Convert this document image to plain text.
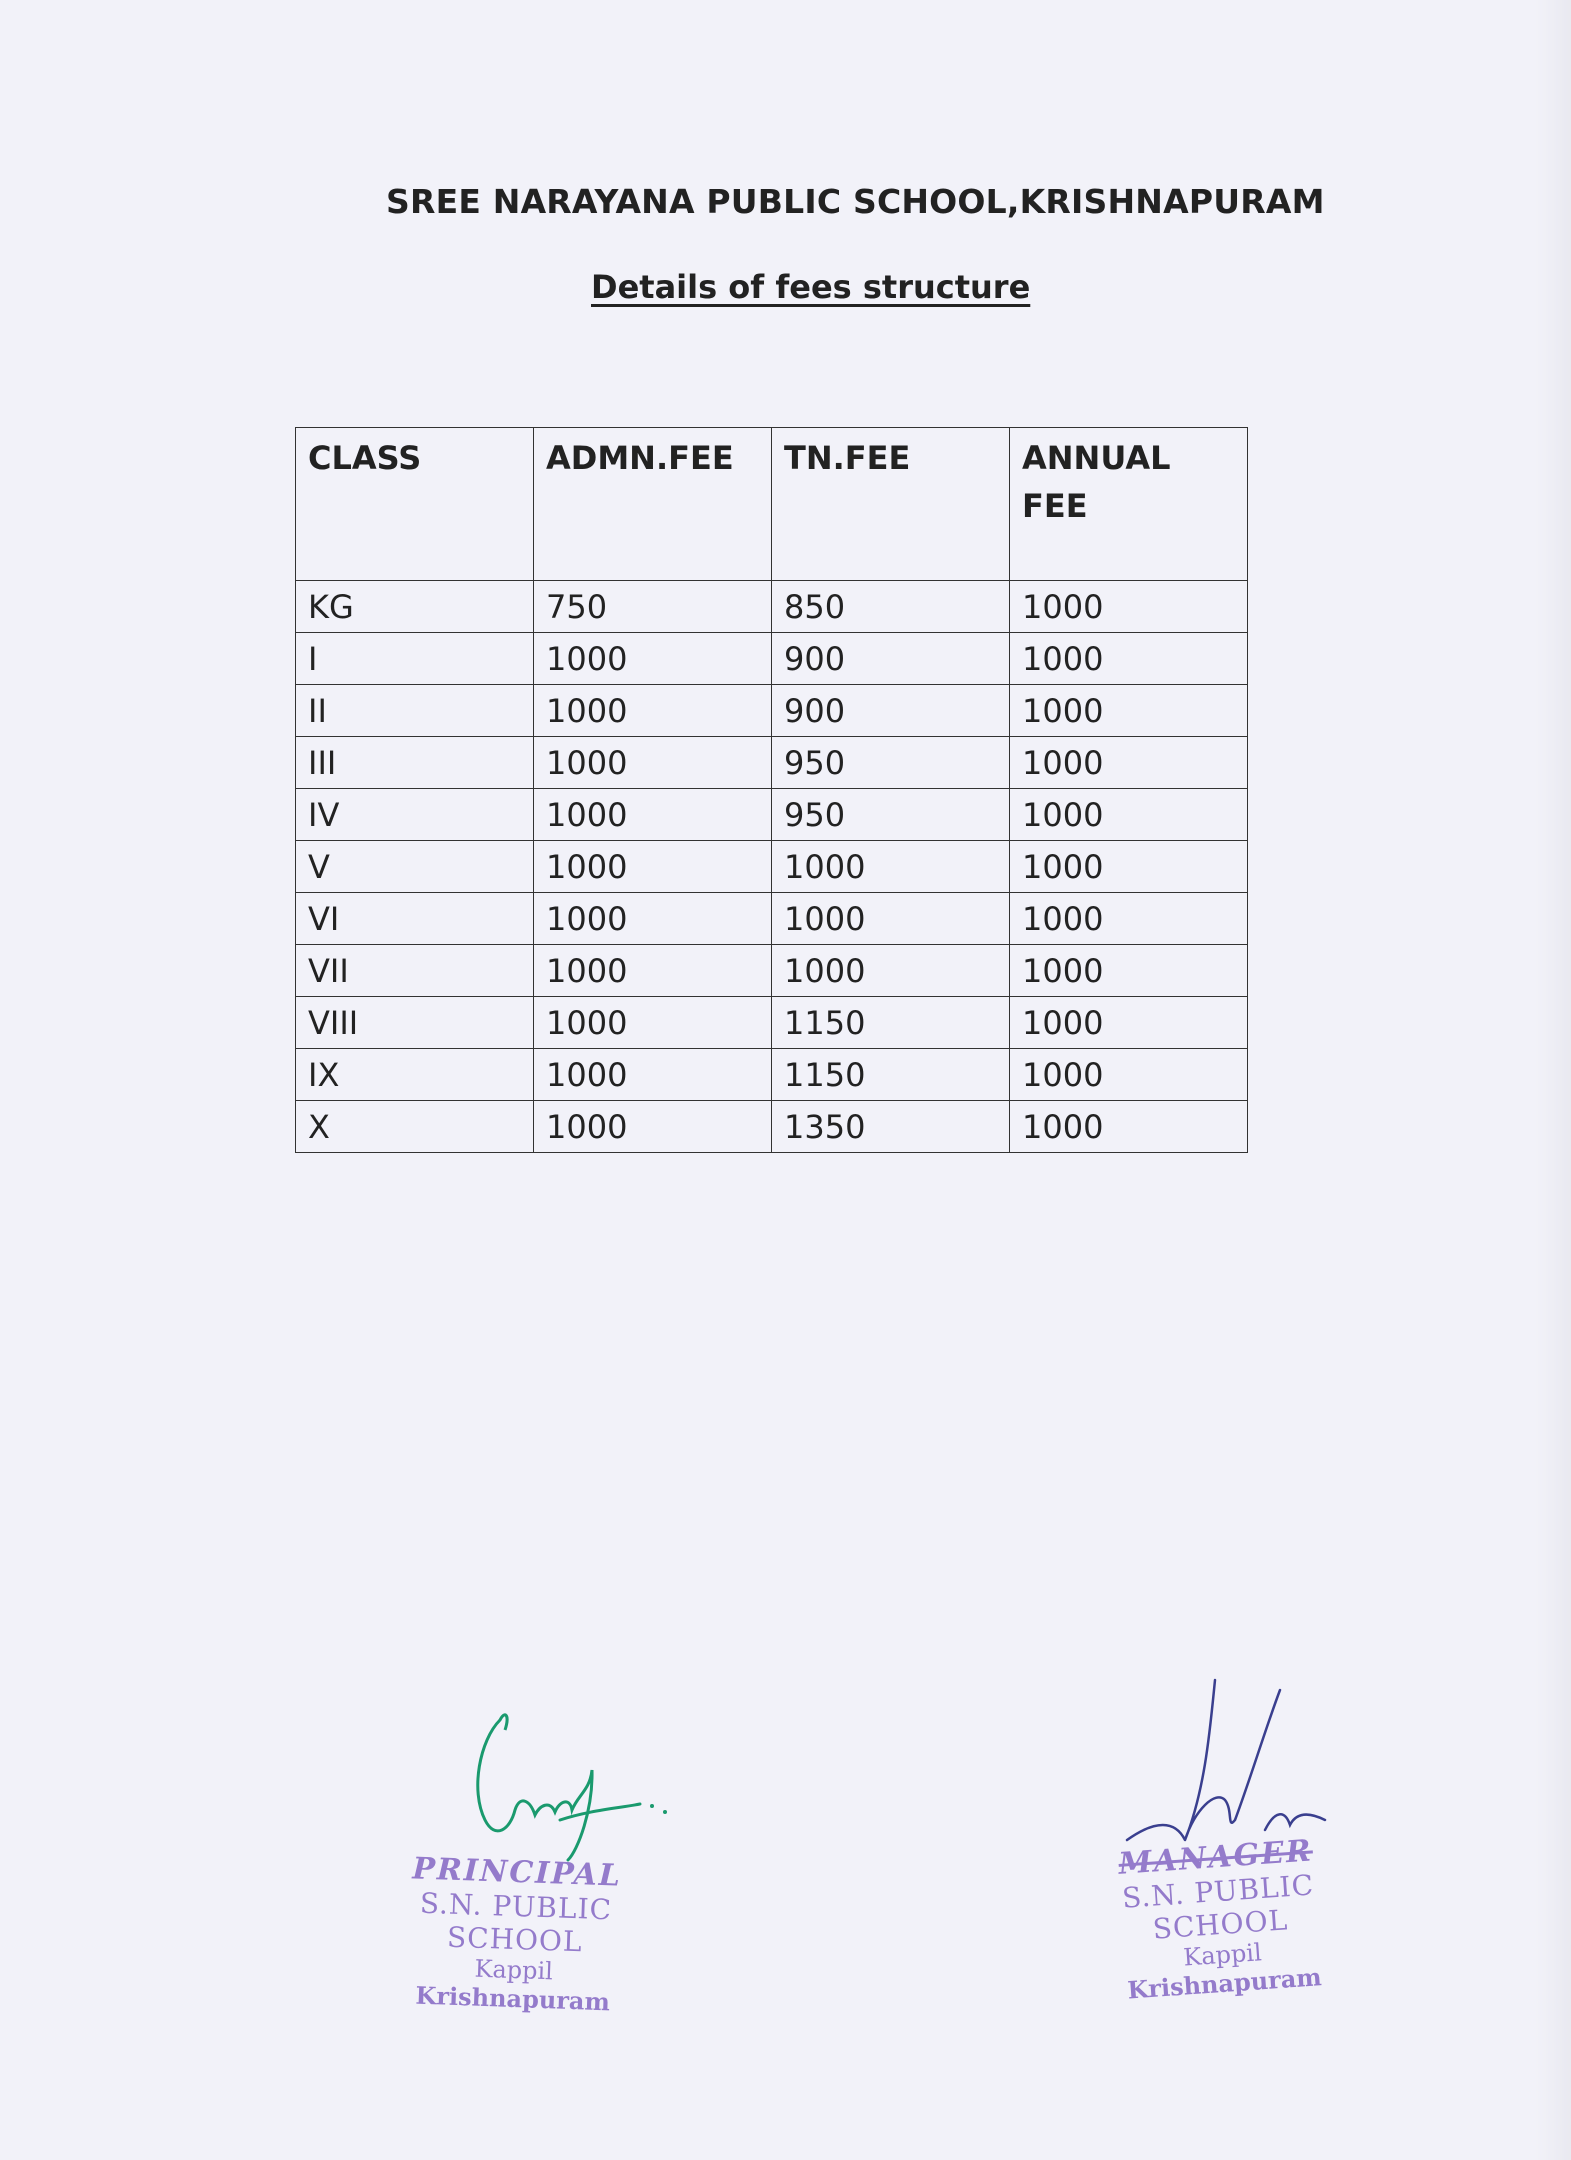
SREE NARAYANA PUBLIC SCHOOL,KRISHNAPURAM
Details of fees structure
CLASS	ADMN.FEE	TN.FEE	ANNUAL FEE
KG	750	850	1000
I	1000	900	1000
II	1000	900	1000
III	1000	950	1000
IV	1000	950	1000
V	1000	1000	1000
VI	1000	1000	1000
VII	1000	1000	1000
VIII	1000	1150	1000
IX	1000	1150	1000
X	1000	1350	1000
PRINCIPAL
S.N. PUBLIC SCHOOL
Kappil
Krishnapuram
MANAGER
S.N. PUBLIC SCHOOL
Kappil
Krishnapuram
